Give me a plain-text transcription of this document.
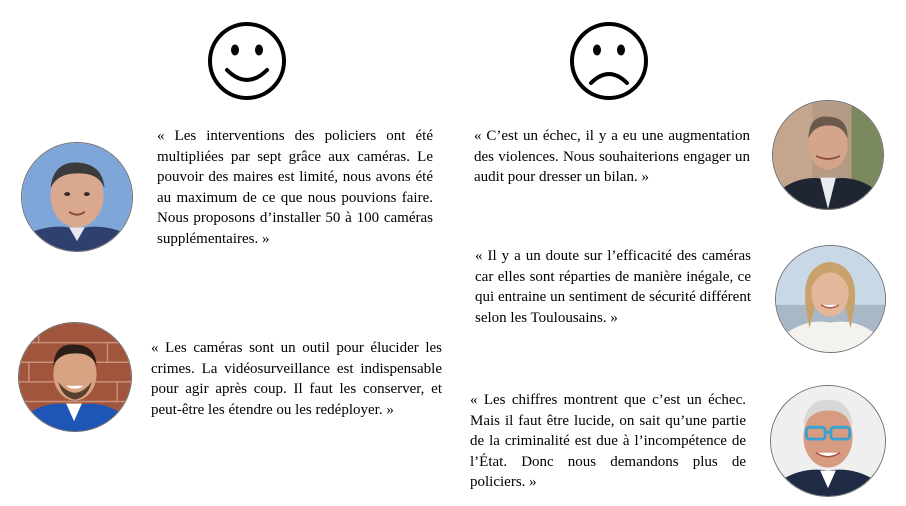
« Les interventions des policiers ont été multipliées par sept grâce aux caméras. Le pouvoir des maires est limité, nous avons été au maximum de ce que nous pouvions faire. Nous proposons d’installer 50 à 100 caméras supplémentaires. »

« Les caméras sont un outil pour élucider les crimes. La vidéosurveillance est indispensable pour agir après coup. Il faut les conserver, et peut-être les étendre ou les redéployer. »

« C’est un échec, il y a eu une augmentation des violences. Nous souhaiterions engager un audit pour dresser un bilan. »

« Il y a un doute sur l’efficacité des caméras car elles sont réparties de manière inégale, ce qui entraine un sentiment de sécurité différent selon les Toulousains. »

« Les chiffres montrent que c’est un échec. Mais il faut être lucide, on sait qu’une partie de la criminalité est due à l’incompétence de l’État. Donc nous demandons plus de policiers. »
